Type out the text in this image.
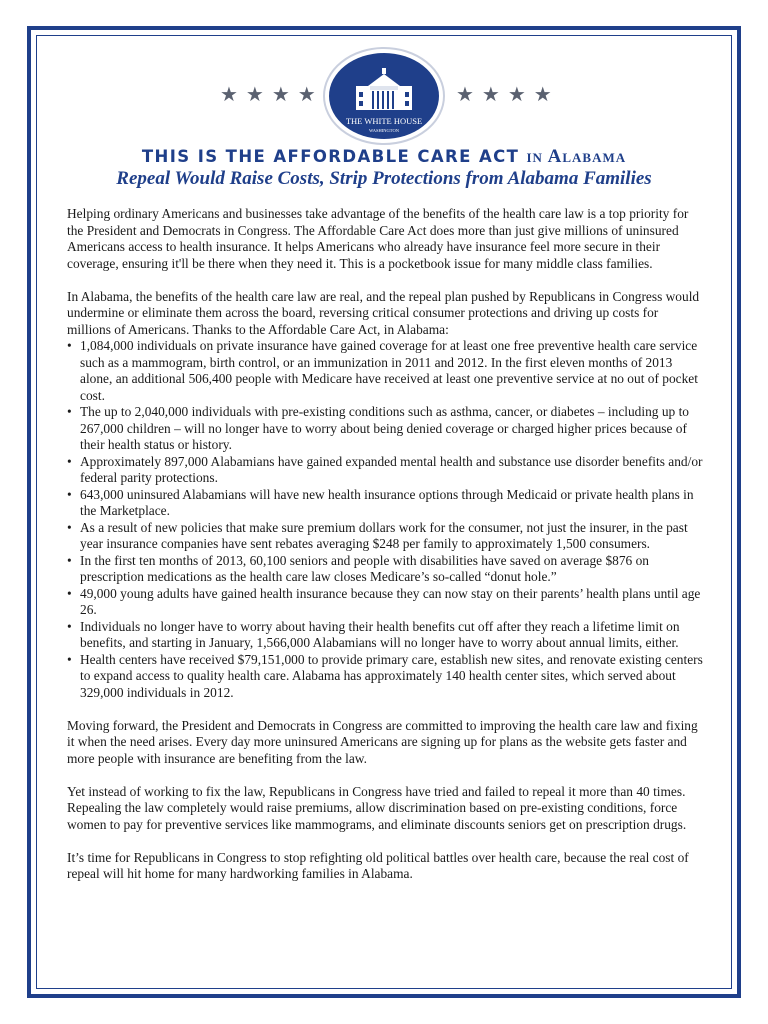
★★★★
THE WHITE HOUSE
WASHINGTON
★★★★
THIS IS THE AFFORDABLE CARE ACT in Alabama
Repeal Would Raise Costs, Strip Protections from Alabama Families

Helping ordinary Americans and businesses take advantage of the benefits of the health care law is a top priority for the President and Democrats in Congress. The Affordable Care Act does more than just give millions of uninsured Americans access to health insurance. It helps Americans who already have insurance feel more secure in their coverage, ensuring it'll be there when they need it. This is a pocketbook issue for many middle class families.

In Alabama, the benefits of the health care law are real, and the repeal plan pushed by Republicans in Congress would undermine or eliminate them across the board, reversing critical consumer protections and driving up costs for millions of Americans. Thanks to the Affordable Care Act, in Alabama:

• 1,084,000 individuals on private insurance have gained coverage for at least one free preventive health care service such as a mammogram, birth control, or an immunization in 2011 and 2012. In the first eleven months of 2013 alone, an additional 506,400 people with Medicare have received at least one preventive service at no out of pocket cost.
• The up to 2,040,000 individuals with pre-existing conditions such as asthma, cancer, or diabetes – including up to 267,000 children – will no longer have to worry about being denied coverage or charged higher prices because of their health status or history.
• Approximately 897,000 Alabamians have gained expanded mental health and substance use disorder benefits and/or federal parity protections.
• 643,000 uninsured Alabamians will have new health insurance options through Medicaid or private health plans in the Marketplace.
• As a result of new policies that make sure premium dollars work for the consumer, not just the insurer, in the past year insurance companies have sent rebates averaging $248 per family to approximately 1,500 consumers.
• In the first ten months of 2013, 60,100 seniors and people with disabilities have saved on average $876 on prescription medications as the health care law closes Medicare’s so-called “donut hole.”
• 49,000 young adults have gained health insurance because they can now stay on their parents’ health plans until age 26.
• Individuals no longer have to worry about having their health benefits cut off after they reach a lifetime limit on benefits, and starting in January, 1,566,000 Alabamians will no longer have to worry about annual limits, either.
• Health centers have received $79,151,000 to provide primary care, establish new sites, and renovate existing centers to expand access to quality health care. Alabama has approximately 140 health center sites, which served about 329,000 individuals in 2012.

Moving forward, the President and Democrats in Congress are committed to improving the health care law and fixing it when the need arises. Every day more uninsured Americans are signing up for plans as the website gets faster and more people with insurance are benefiting from the law.

Yet instead of working to fix the law, Republicans in Congress have tried and failed to repeal it more than 40 times. Repealing the law completely would raise premiums, allow discrimination based on pre-existing conditions, force women to pay for preventive services like mammograms, and eliminate discounts seniors get on prescription drugs.

It’s time for Republicans in Congress to stop refighting old political battles over health care, because the real cost of repeal will hit home for many hardworking families in Alabama.
